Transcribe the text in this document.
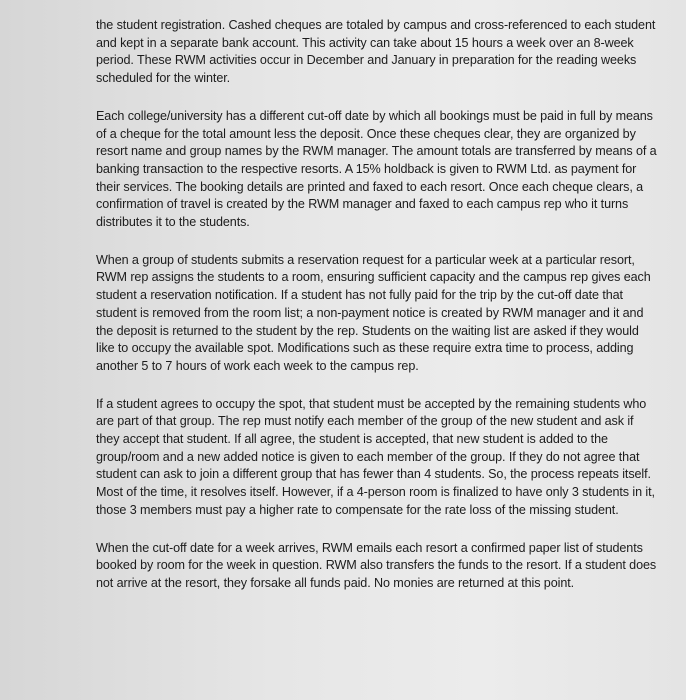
the student registration. Cashed cheques are totaled by campus and cross-referenced to each student and kept in a separate bank account. This activity can take about 15 hours a week over an 8-week period. These RWM activities occur in December and January in preparation for the reading weeks scheduled for the winter.

Each college/university has a different cut-off date by which all bookings must be paid in full by means of a cheque for the total amount less the deposit. Once these cheques clear, they are organized by resort name and group names by the RWM manager. The amount totals are transferred by means of a banking transaction to the respective resorts. A 15% holdback is given to RWM Ltd. as payment for their services. The booking details are printed and faxed to each resort. Once each cheque clears, a confirmation of travel is created by the RWM manager and faxed to each campus rep who it turns distributes it to the students.

When a group of students submits a reservation request for a particular week at a particular resort, RWM rep assigns the students to a room, ensuring sufficient capacity and the campus rep gives each student a reservation notification. If a student has not fully paid for the trip by the cut-off date that student is removed from the room list; a non-payment notice is created by RWM manager and it and the deposit is returned to the student by the rep. Students on the waiting list are asked if they would like to occupy the available spot. Modifications such as these require extra time to process, adding another 5 to 7 hours of work each week to the campus rep.

If a student agrees to occupy the spot, that student must be accepted by the remaining students who are part of that group. The rep must notify each member of the group of the new student and ask if they accept that student. If all agree, the student is accepted, that new student is added to the group/room and a new added notice is given to each member of the group. If they do not agree that student can ask to join a different group that has fewer than 4 students. So, the process repeats itself. Most of the time, it resolves itself. However, if a 4-person room is finalized to have only 3 students in it, those 3 members must pay a higher rate to compensate for the rate loss of the missing student.

When the cut-off date for a week arrives, RWM emails each resort a confirmed paper list of students booked by room for the week in question. RWM also transfers the funds to the resort. If a student does not arrive at the resort, they forsake all funds paid. No monies are returned at this point.
